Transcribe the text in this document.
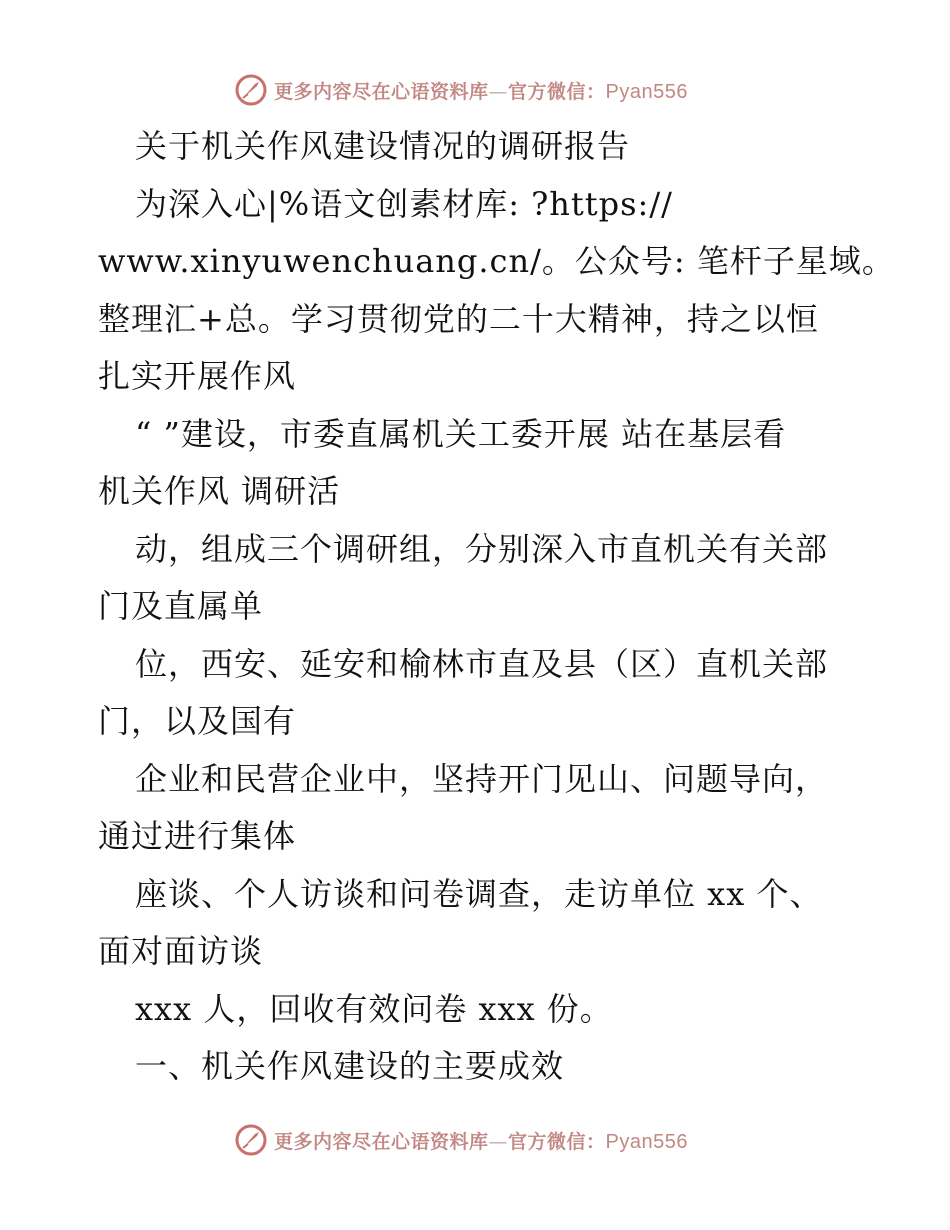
更多内容尽在心语资料库—官方微信：Pyan556
关于机关作风建设情况的调研报告
为深入心|%语文创素材库: ?https://
www.xinyuwenchuang.cn/。公众号: 笔杆子星域。
整理汇+总。学习贯彻党的二十大精神，持之以恒
扎实开展作风
“ ”建设，市委直属机关工委开展 站在基层看
机关作风 调研活
动，组成三个调研组，分别深入市直机关有关部
门及直属单
位，西安、延安和榆林市直及县（区）直机关部
门，以及国有
企业和民营企业中，坚持开门见山、问题导向，
通过进行集体
座谈、个人访谈和问卷调查，走访单位 xx 个、
面对面访谈
xxx 人，回收有效问卷 xxx 份。
一、机关作风建设的主要成效
更多内容尽在心语资料库—官方微信：Pyan556
